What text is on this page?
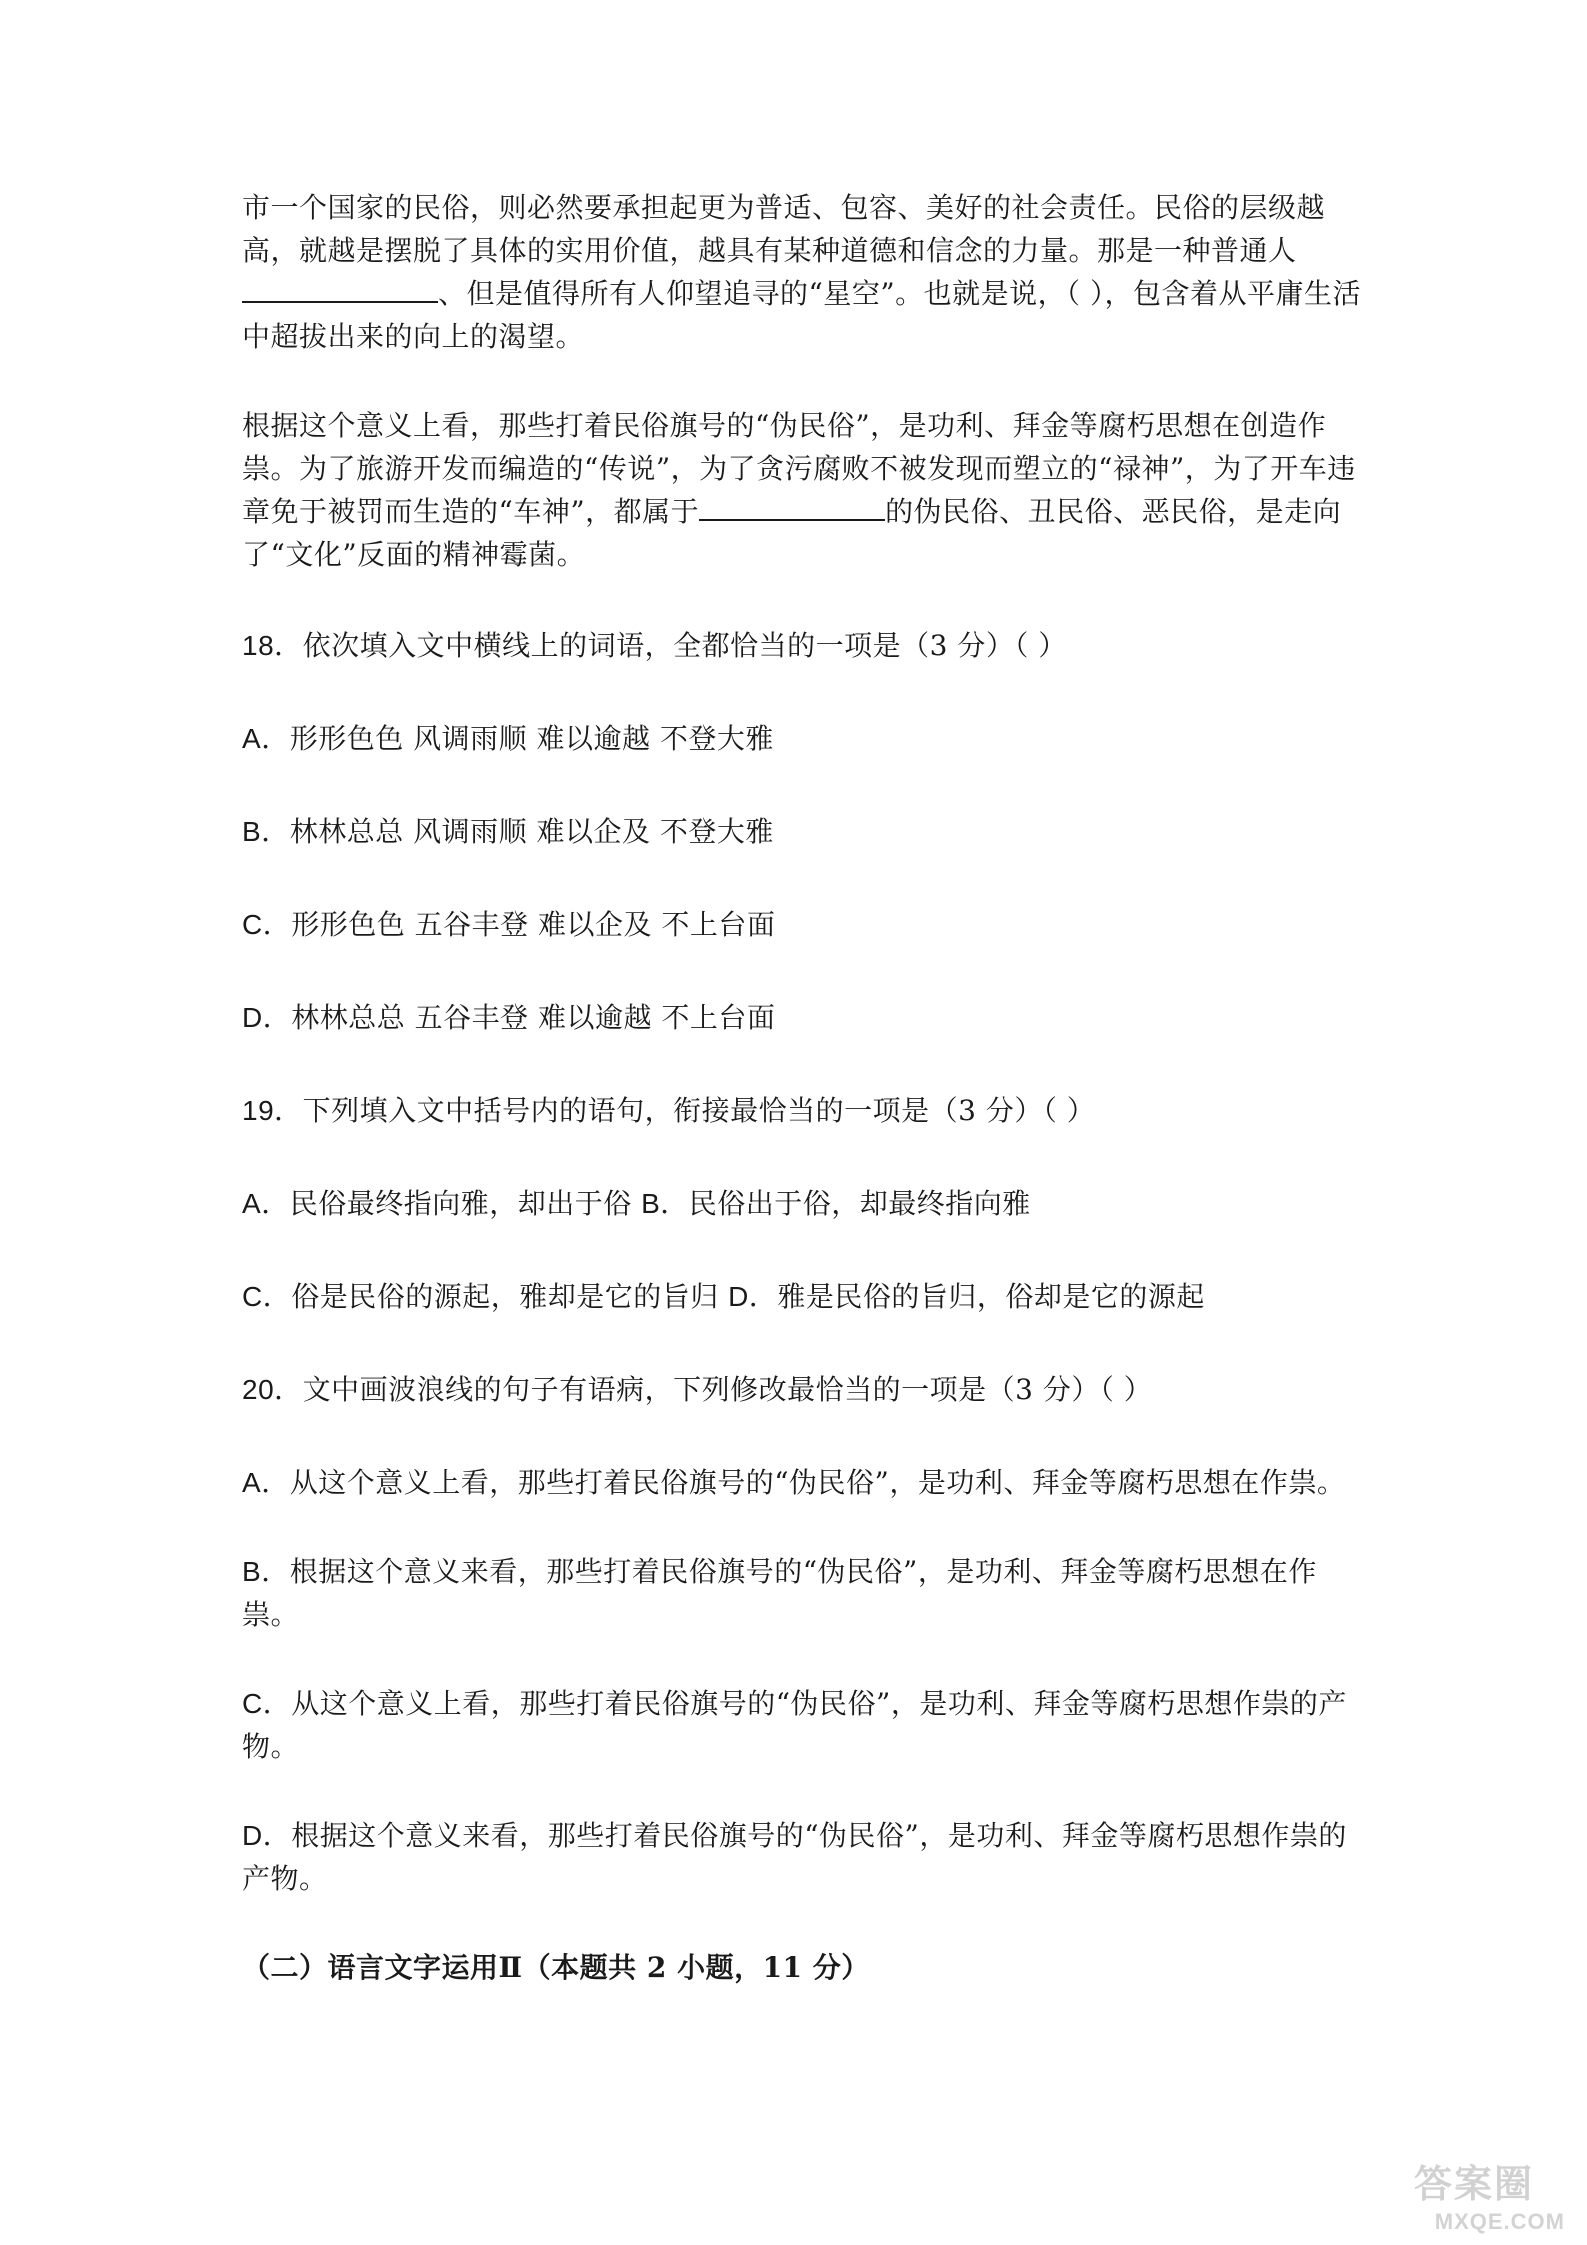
市一个国家的民俗，则必然要承担起更为普适、包容、美好的社会责任。民俗的层级越高，就越是摆脱了具体的实用价值，越具有某种道德和信念的力量。那是一种普通人、但是值得所有人仰望追寻的“星空”。也就是说，（ ），包含着从平庸生活中超拔出来的向上的渴望。

根据这个意义上看，那些打着民俗旗号的“伪民俗”，是功利、拜金等腐朽思想在创造作祟。为了旅游开发而编造的“传说”，为了贪污腐败不被发现而塑立的“禄神”，为了开车违章免于被罚而生造的“车神”，都属于	的伪民俗、丑民俗、恶民俗，是走向了“文化”反面的精神霉菌。

18．依次填入文中横线上的词语，全都恰当的一项是（3 分）（ ）

A．形形色色 风调雨顺 难以逾越 不登大雅

B．林林总总 风调雨顺 难以企及 不登大雅

C．形形色色 五谷丰登 难以企及 不上台面

D．林林总总 五谷丰登 难以逾越 不上台面

19．下列填入文中括号内的语句，衔接最恰当的一项是（3 分）（ ）

A．民俗最终指向雅，却出于俗 B．民俗出于俗，却最终指向雅

C．俗是民俗的源起，雅却是它的旨归 D．雅是民俗的旨归，俗却是它的源起

20．文中画波浪线的句子有语病，下列修改最恰当的一项是（3 分）（ ）

A．从这个意义上看，那些打着民俗旗号的“伪民俗”，是功利、拜金等腐朽思想在作祟。

B．根据这个意义来看，那些打着民俗旗号的“伪民俗”，是功利、拜金等腐朽思想在作祟。

C．从这个意义上看，那些打着民俗旗号的“伪民俗”，是功利、拜金等腐朽思想作祟的产物。

D．根据这个意义来看，那些打着民俗旗号的“伪民俗”，是功利、拜金等腐朽思想作祟的产物。

（二）语言文字运用Ⅱ（本题共 2 小题，11 分）

答案圈
MXQE.COM
